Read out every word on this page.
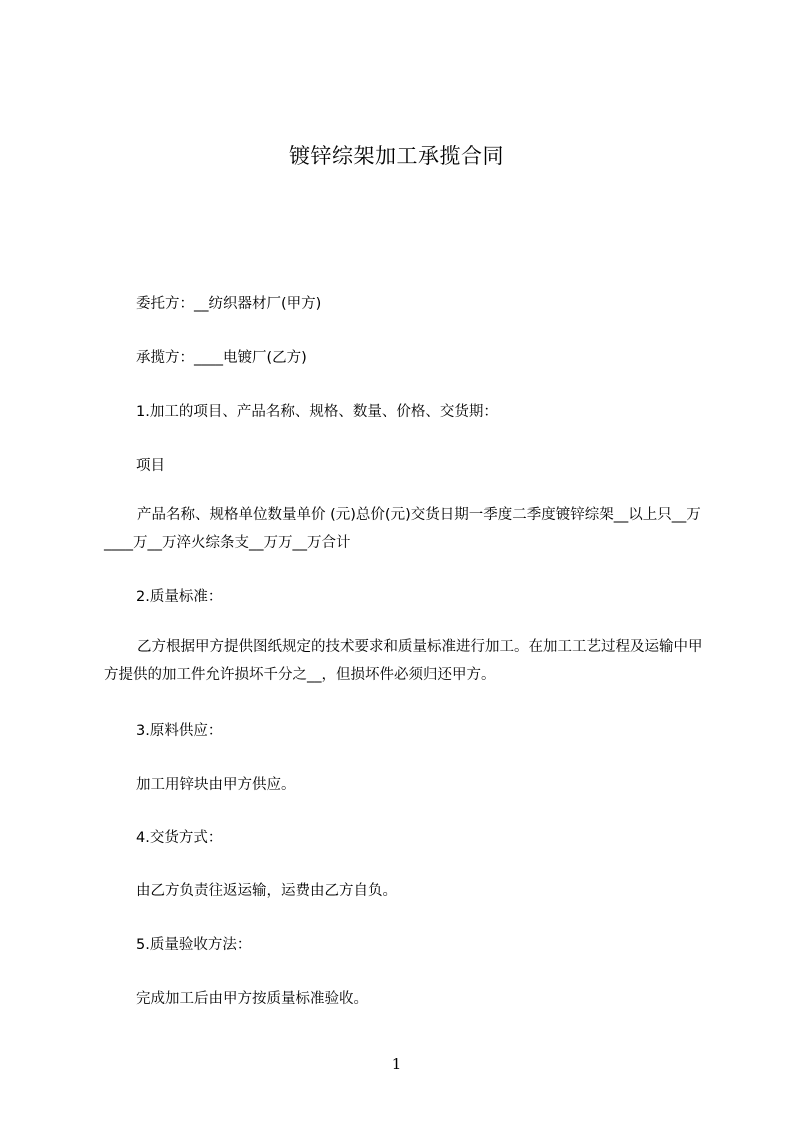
镀锌综架加工承揽合同
委托方：__纺织器材厂(甲方)
承揽方：____电镀厂(乙方)
1.加工的项目、产品名称、规格、数量、价格、交货期：
项目
产品名称、规格单位数量单价 (元)总价(元)交货日期一季度二季度镀锌综架__以上只__万____万__万淬火综条支__万万__万合计
2.质量标准：
乙方根据甲方提供图纸规定的技术要求和质量标准进行加工。在加工工艺过程及运输中甲方提供的加工件允许损坏千分之__，但损坏件必须归还甲方。
3.原料供应：
加工用锌块由甲方供应。
4.交货方式：
由乙方负责往返运输，运费由乙方自负。
5.质量验收方法：
完成加工后由甲方按质量标准验收。
1
